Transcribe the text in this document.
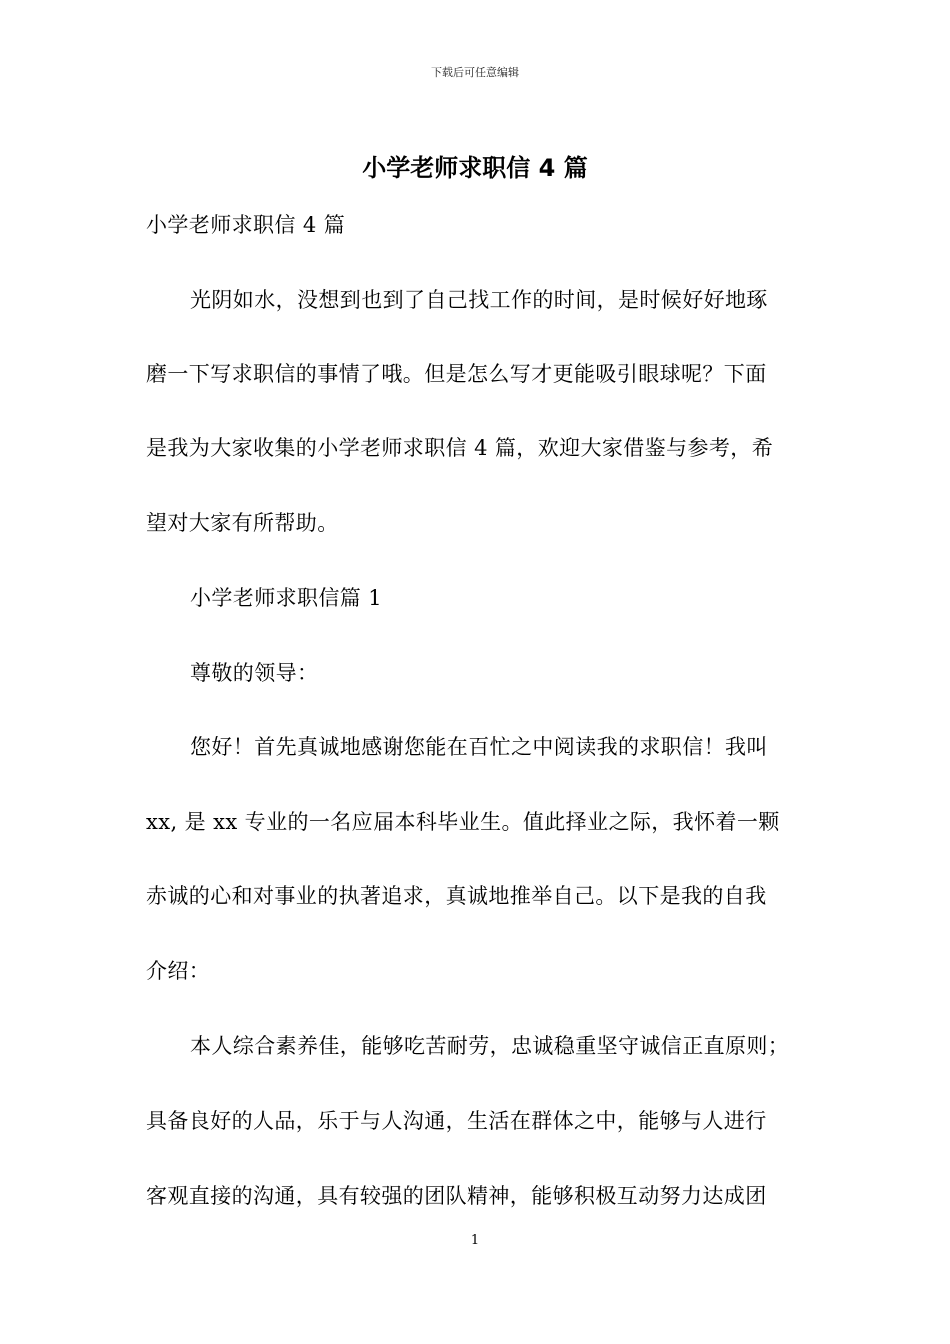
下载后可任意编辑
小学老师求职信 4 篇
小学老师求职信 4 篇
光阴如水，没想到也到了自己找工作的时间，是时候好好地琢
磨一下写求职信的事情了哦。但是怎么写才更能吸引眼球呢？下面
是我为大家收集的小学老师求职信 4 篇，欢迎大家借鉴与参考，希
望对大家有所帮助。
小学老师求职信篇 1
尊敬的领导：
您好！首先真诚地感谢您能在百忙之中阅读我的求职信！我叫
xx, 是 xx 专业的一名应届本科毕业生。值此择业之际，我怀着一颗
赤诚的心和对事业的执著追求，真诚地推举自己。以下是我的自我
介绍：
本人综合素养佳，能够吃苦耐劳，忠诚稳重坚守诚信正直原则；
具备良好的人品，乐于与人沟通，生活在群体之中，能够与人进行
客观直接的沟通，具有较强的团队精神，能够积极互动努力达成团
1
